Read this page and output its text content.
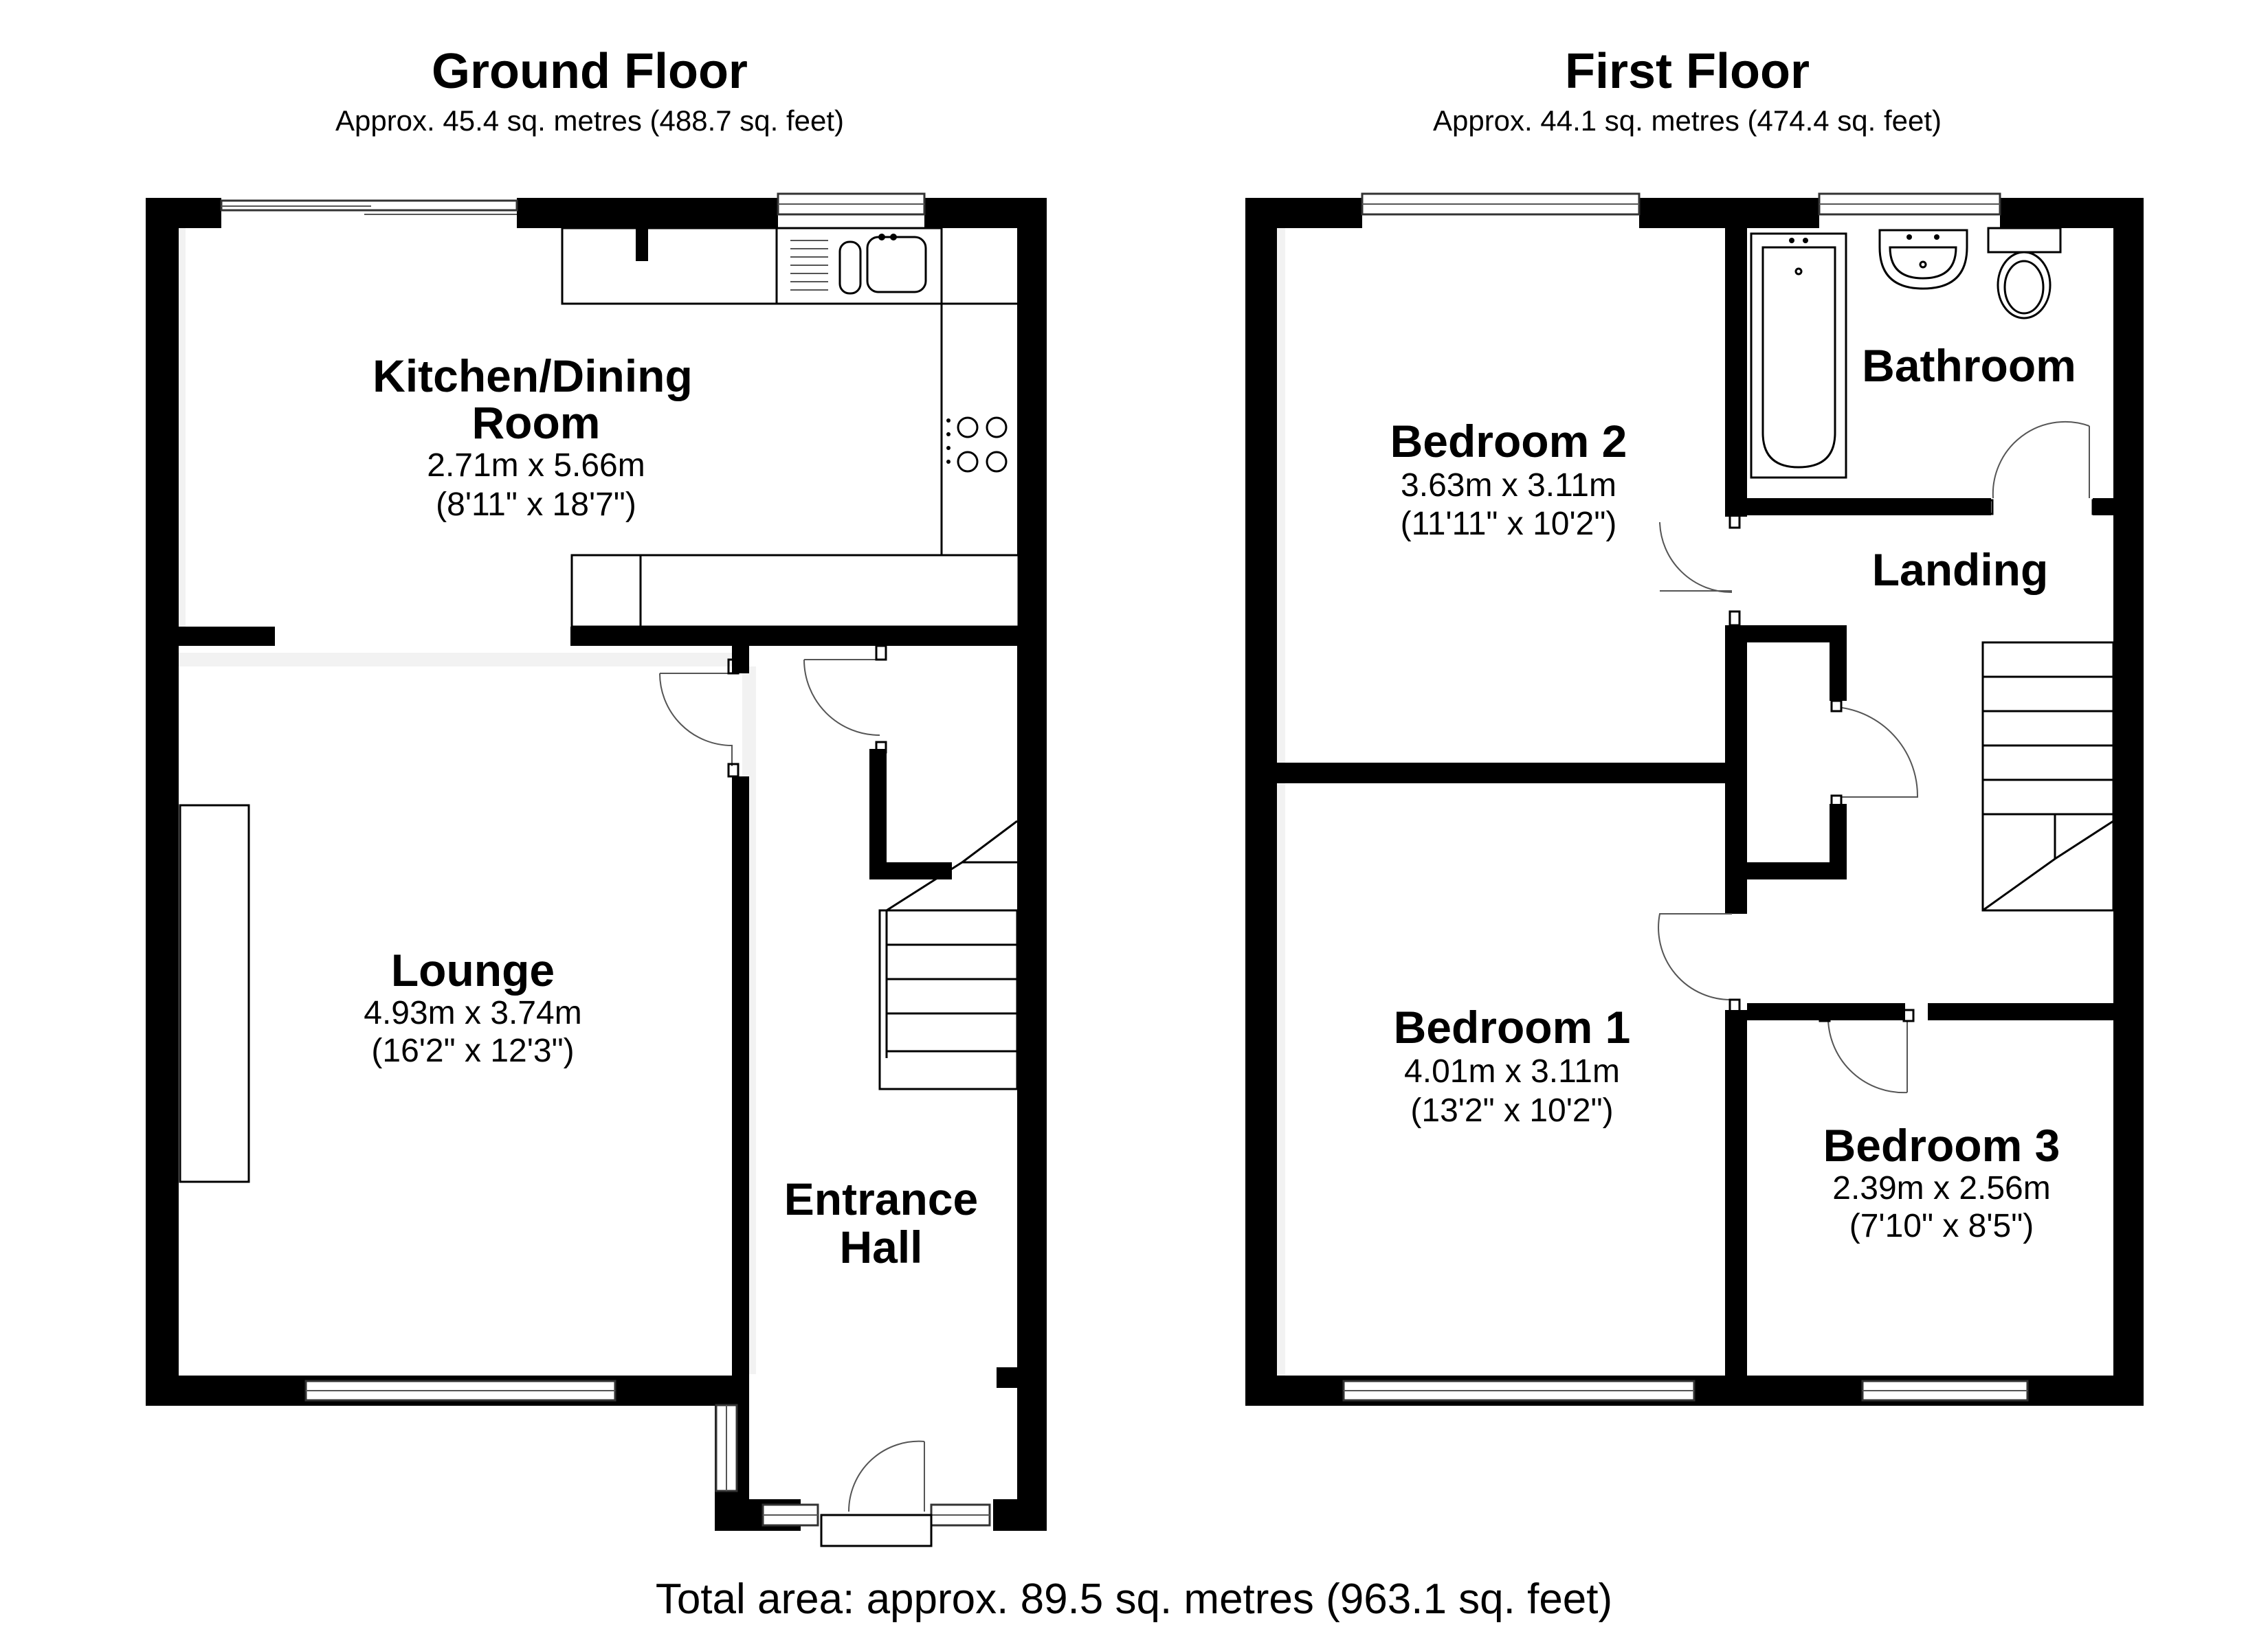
Ground Floor
Approx. 45.4 sq. metres (488.7 sq. feet)
First Floor
Approx. 44.1 sq. metres (474.4 sq. feet)
Kitchen/Dining
Room
2.71m x 5.66m
(8'11" x 18'7")
Lounge
4.93m x 3.74m
(16'2" x 12'3")
Entrance
Hall
Bedroom 2
3.63m x 3.11m
(11'11" x 10'2")
Bathroom
Landing
Bedroom 1
4.01m x 3.11m
(13'2" x 10'2")
Bedroom 3
2.39m x 2.56m
(7'10" x 8'5")
Total area: approx. 89.5 sq. metres (963.1 sq. feet)
